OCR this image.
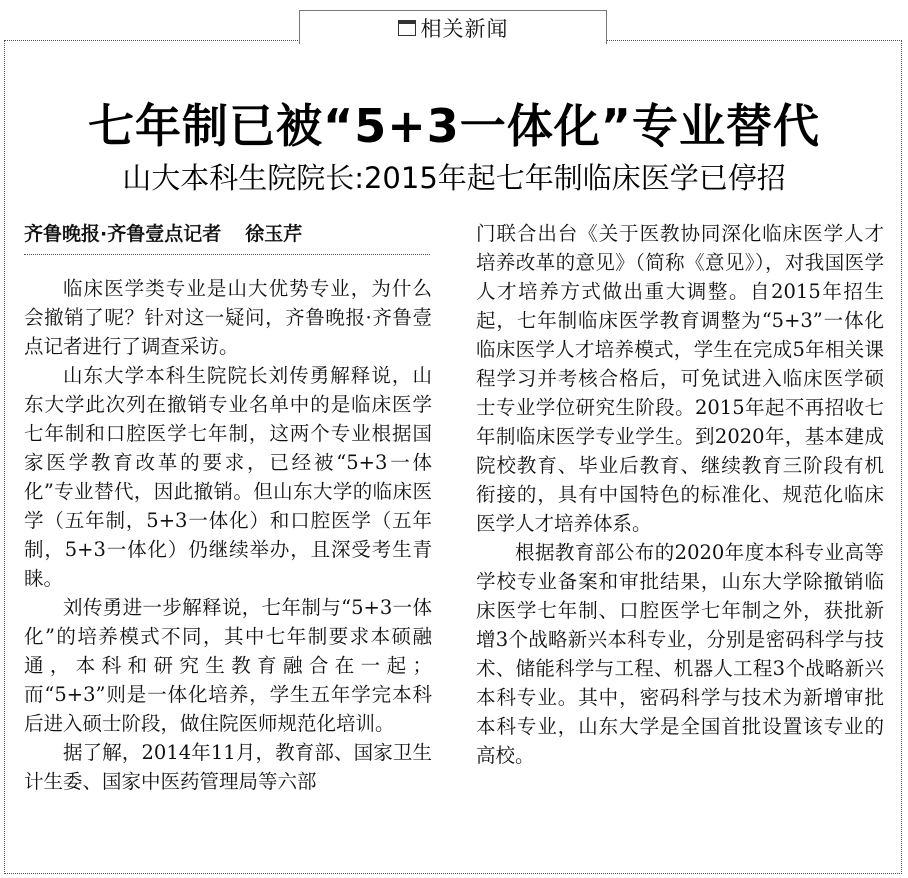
相关新闻
七年制已被“5+3一体化”专业替代
山大本科生院院长:2015年起七年制临床医学已停招
齐鲁晚报·齐鲁壹点记者 徐玉芹

临床医学类专业是山大优势专业，为什么会撤销了呢？针对这一疑问，齐鲁晚报·齐鲁壹点记者进行了调查采访。

山东大学本科生院院长刘传勇解释说，山东大学此次列在撤销专业名单中的是临床医学七年制和口腔医学七年制，这两个专业根据国家医学教育改革的要求，已经被“5+3一体化”专业替代，因此撤销。但山东大学的临床医学（五年制，5+3一体化）和口腔医学（五年制，5+3一体化）仍继续举办，且深受考生青睐。

刘传勇进一步解释说，七年制与“5+3一体化”的培养模式不同，其中七年制要求本硕融通，本科和研究生教育融合在一起；而“5+3”则是一体化培养，学生五年学完本科后进入硕士阶段，做住院医师规范化培训。

据了解，2014年11月，教育部、国家卫生计生委、国家中医药管理局等六部

门联合出台《关于医教协同深化临床医学人才培养改革的意见》（简称《意见》），对我国医学人才培养方式做出重大调整。自2015年招生起，七年制临床医学教育调整为“5+3”一体化临床医学人才培养模式，学生在完成5年相关课程学习并考核合格后，可免试进入临床医学硕士专业学位研究生阶段。2015年起不再招收七年制临床医学专业学生。到2020年，基本建成院校教育、毕业后教育、继续教育三阶段有机衔接的，具有中国特色的标准化、规范化临床医学人才培养体系。

根据教育部公布的2020年度本科专业高等学校专业备案和审批结果，山东大学除撤销临床医学七年制、口腔医学七年制之外，获批新增3个战略新兴本科专业，分别是密码科学与技术、储能科学与工程、机器人工程3个战略新兴本科专业。其中，密码科学与技术为新增审批本科专业，山东大学是全国首批设置该专业的高校。
